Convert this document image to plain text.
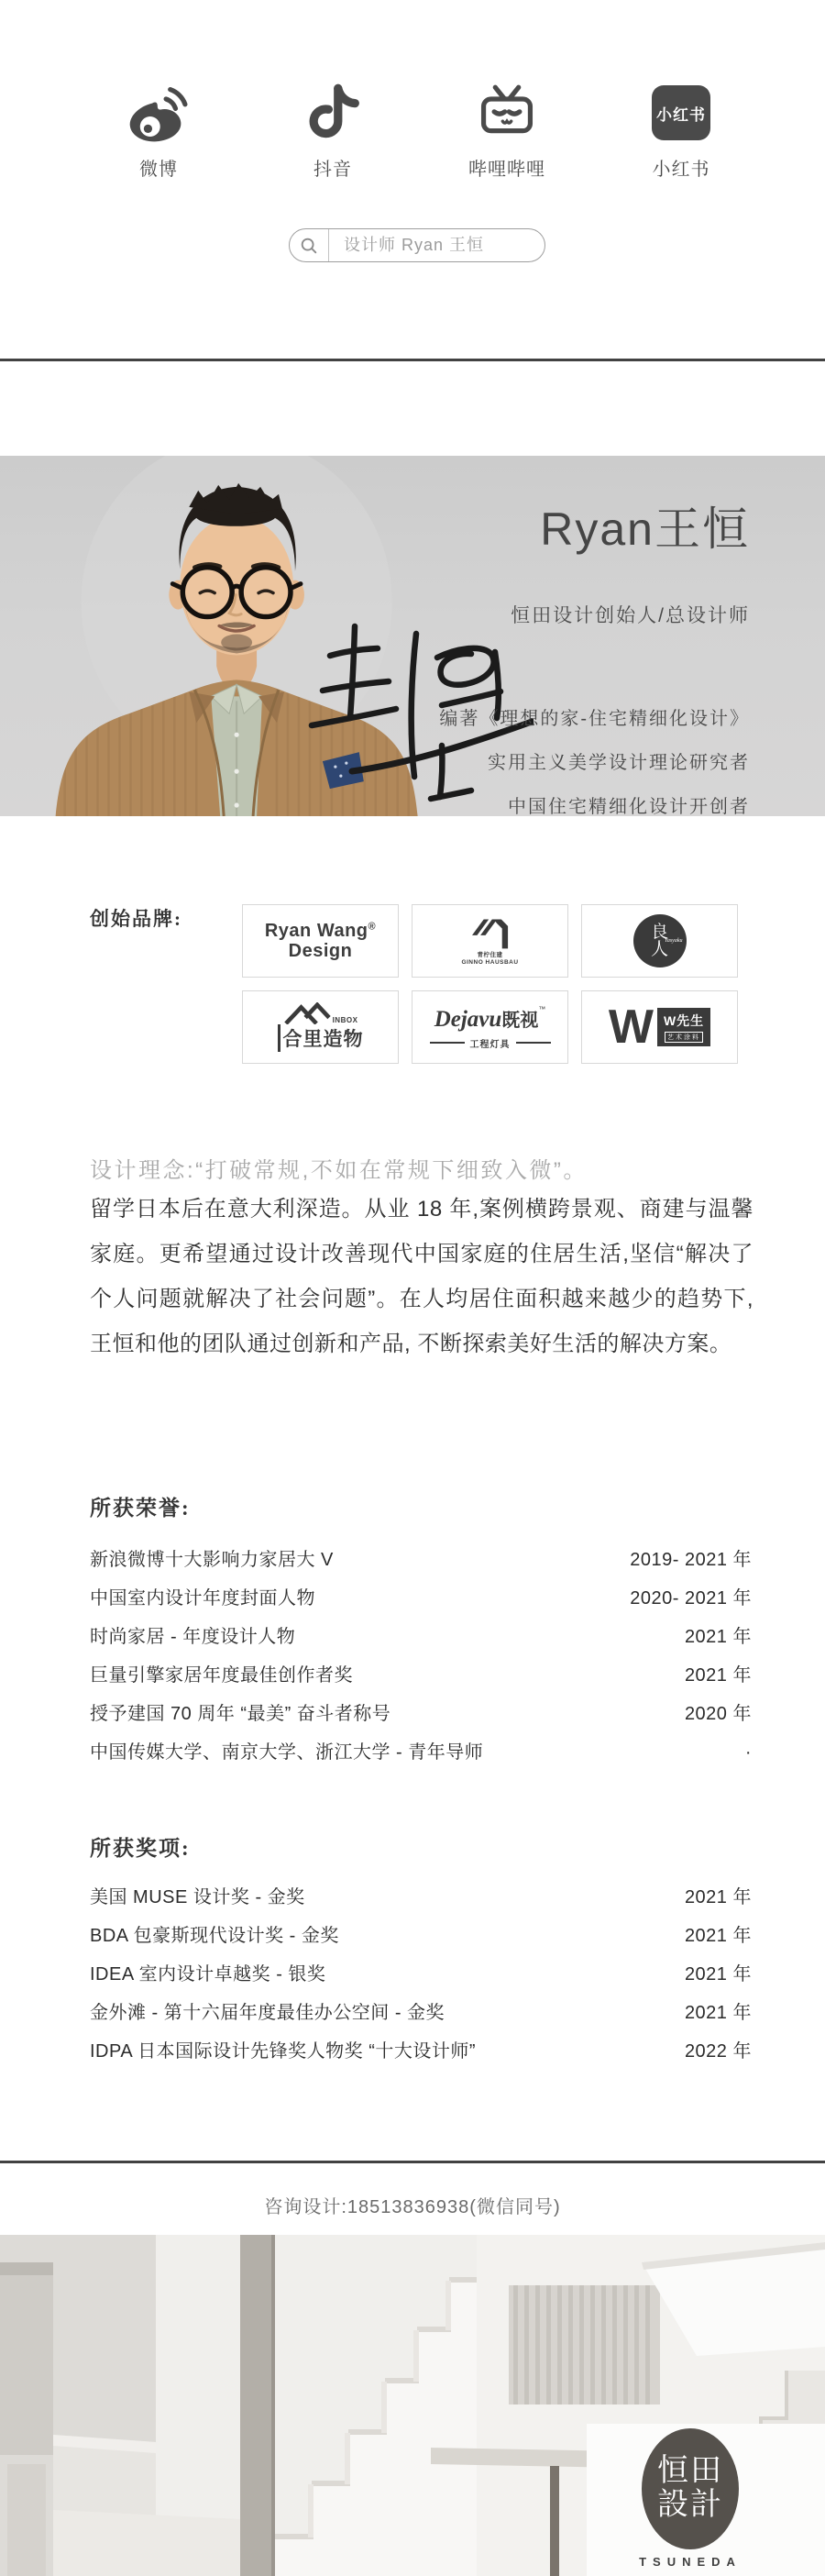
微博	抖音	哔哩哔哩
小红书
小红书
设计师 Ryan 王恒
Ryan王恒
恒田设计创始人/总设计师
编著《理想的家-住宅精细化设计》
实用主义美学设计理论研究者
中国住宅精细化设计开创者
创始品牌:
Ryan Wang®
Design	青柠住建
GINNO HAUSBAU
良
人
Yasyaku
INBOX
合里造物
Dejavu既视™
工程灯具 W W先生
艺术涂料
设计理念:“打破常规,不如在常规下细致入微”。
留学日本后在意大利深造。从业 18 年,案例横跨景观、商建与温馨家庭。更希望通过设计改善现代中国家庭的住居生活,坚信“解决了个人问题就解决了社会问题”。在人均居住面积越来越少的趋势下, 王恒和他的团队通过创新和产品, 不断探索美好生活的解决方案。
所获荣誉:
新浪微博十大影响力家居大 V	2019- 2021 年
中国室内设计年度封面人物	2020- 2021 年
时尚家居 - 年度设计人物	2021 年
巨量引擎家居年度最佳创作者奖	2021 年
授予建国 70 周年 “最美” 奋斗者称号	2020 年
中国传媒大学、南京大学、浙江大学 - 青年导师	·
所获奖项:
美国 MUSE 设计奖 - 金奖	2021 年
BDA 包豪斯现代设计奖 - 金奖	2021 年
IDEA 室内设计卓越奖 - 银奖	2021 年
金外滩 - 第十六届年度最佳办公空间 - 金奖	2021 年
IDPA 日本国际设计先锋奖人物奖 “十大设计师”	2022 年
咨询设计:18513836938(微信同号)
恒田
設計
TSUNEDA
